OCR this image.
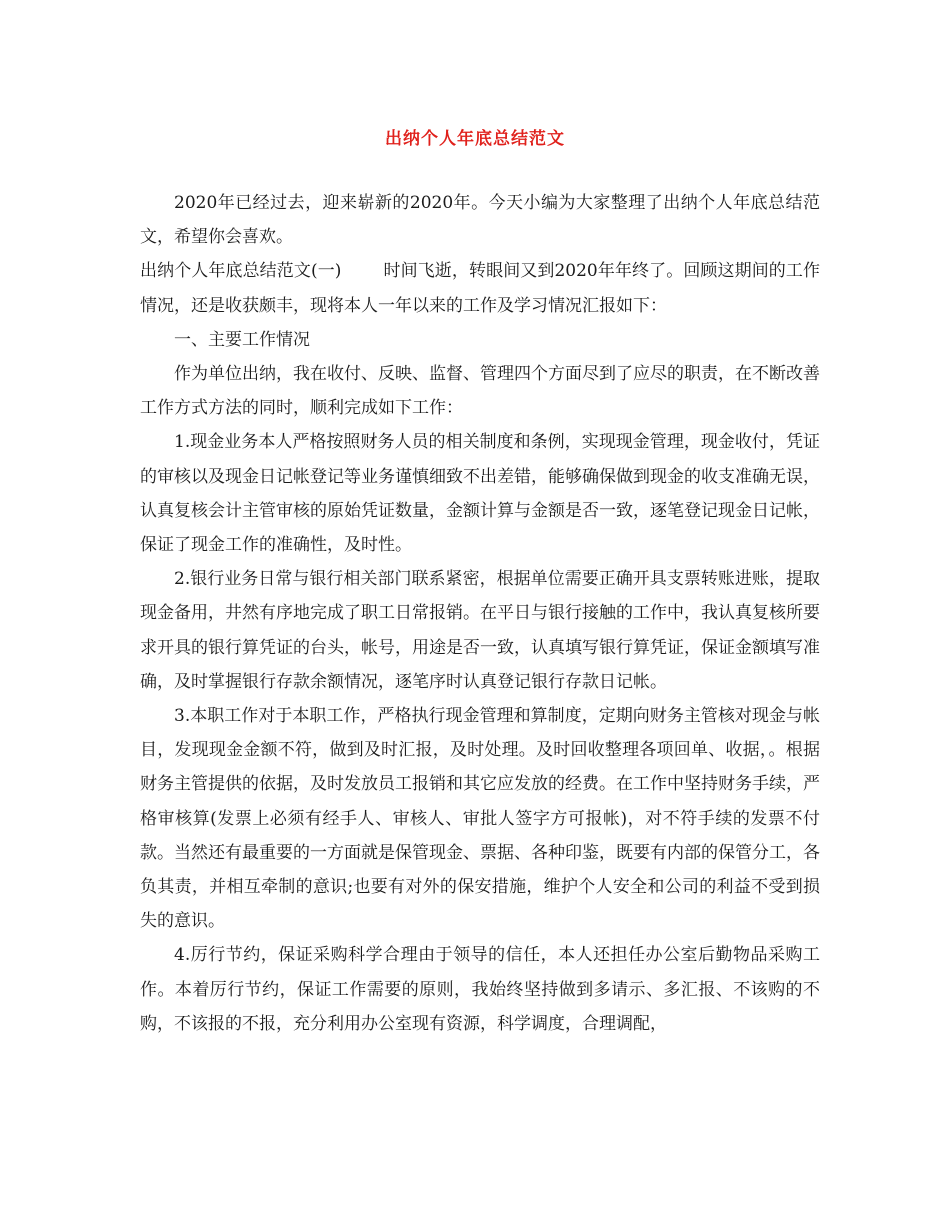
出纳个人年底总结范文

2020年已经过去，迎来崭新的2020年。今天小编为大家整理了出纳个人年底总结范文，希望你会喜欢。

出纳个人年底总结范文(一) 时间飞逝，转眼间又到2020年年终了。回顾这期间的工作情况，还是收获颇丰，现将本人一年以来的工作及学习情况汇报如下：

一、主要工作情况

作为单位出纳，我在收付、反映、监督、管理四个方面尽到了应尽的职责，在不断改善工作方式方法的同时，顺利完成如下工作：

1.现金业务本人严格按照财务人员的相关制度和条例，实现现金管理，现金收付，凭证的审核以及现金日记帐登记等业务谨慎细致不出差错，能够确保做到现金的收支准确无误，认真复核会计主管审核的原始凭证数量，金额计算与金额是否一致，逐笔登记现金日记帐，保证了现金工作的准确性，及时性。

2.银行业务日常与银行相关部门联系紧密，根据单位需要正确开具支票转账进账，提取现金备用，井然有序地完成了职工日常报销。在平日与银行接触的工作中，我认真复核所要求开具的银行算凭证的台头，帐号，用途是否一致，认真填写银行算凭证，保证金额填写准确，及时掌握银行存款余额情况，逐笔序时认真登记银行存款日记帐。

3.本职工作对于本职工作，严格执行现金管理和算制度，定期向财务主管核对现金与帐目，发现现金金额不符，做到及时汇报，及时处理。及时回收整理各项回单、收据，。根据财务主管提供的依据，及时发放员工报销和其它应发放的经费。在工作中坚持财务手续，严格审核算(发票上必须有经手人、审核人、审批人签字方可报帐)，对不符手续的发票不付款。当然还有最重要的一方面就是保管现金、票据、各种印鉴，既要有内部的保管分工，各负其责，并相互牵制的意识;也要有对外的保安措施，维护个人安全和公司的利益不受到损失的意识。

4.厉行节约，保证采购科学合理由于领导的信任，本人还担任办公室后勤物品采购工作。本着厉行节约，保证工作需要的原则，我始终坚持做到多请示、多汇报、不该购的不购，不该报的不报，充分利用办公室现有资源，科学调度，合理调配，
